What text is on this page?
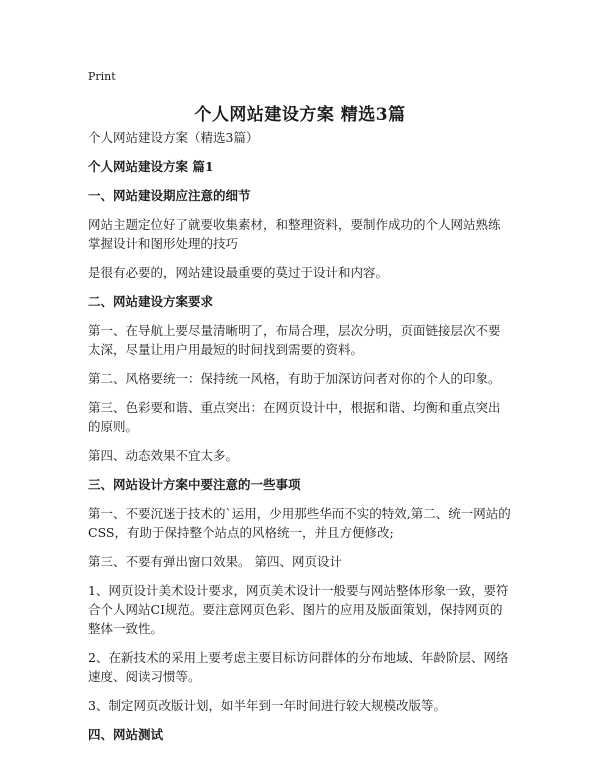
Print
个人网站建设方案 精选3篇

个人网站建设方案（精选3篇）

个人网站建设方案 篇1

一、网站建设期应注意的细节

网站主题定位好了就要收集素材，和整理资料，要制作成功的个人网站熟练掌握设计和图形处理的技巧

是很有必要的，网站建设最重要的莫过于设计和内容。

二、网站建设方案要求

第一、在导航上要尽量清晰明了，布局合理，层次分明，页面链接层次不要太深，尽量让用户用最短的时间找到需要的资料。

第二、风格要统一：保持统一风格，有助于加深访问者对你的个人的印象。

第三、色彩要和谐、重点突出：在网页设计中，根据和谐、均衡和重点突出的原则。

第四、动态效果不宜太多。

三、网站设计方案中要注意的一些事项

第一、不要沉迷于技术的`运用，少用那些华而不实的特效,第二、统一网站的CSS，有助于保持整个站点的风格统一，并且方便修改;

第三、不要有弹出窗口效果。 第四、网页设计

1、网页设计美术设计要求，网页美术设计一般要与网站整体形象一致，要符合个人网站CI规范。要注意网页色彩、图片的应用及版面策划，保持网页的整体一致性。

2、在新技术的采用上要考虑主要目标访问群体的分布地域、年龄阶层、网络速度、阅读习惯等。

3、制定网页改版计划，如半年到一年时间进行较大规模改版等。

四、网站测试
